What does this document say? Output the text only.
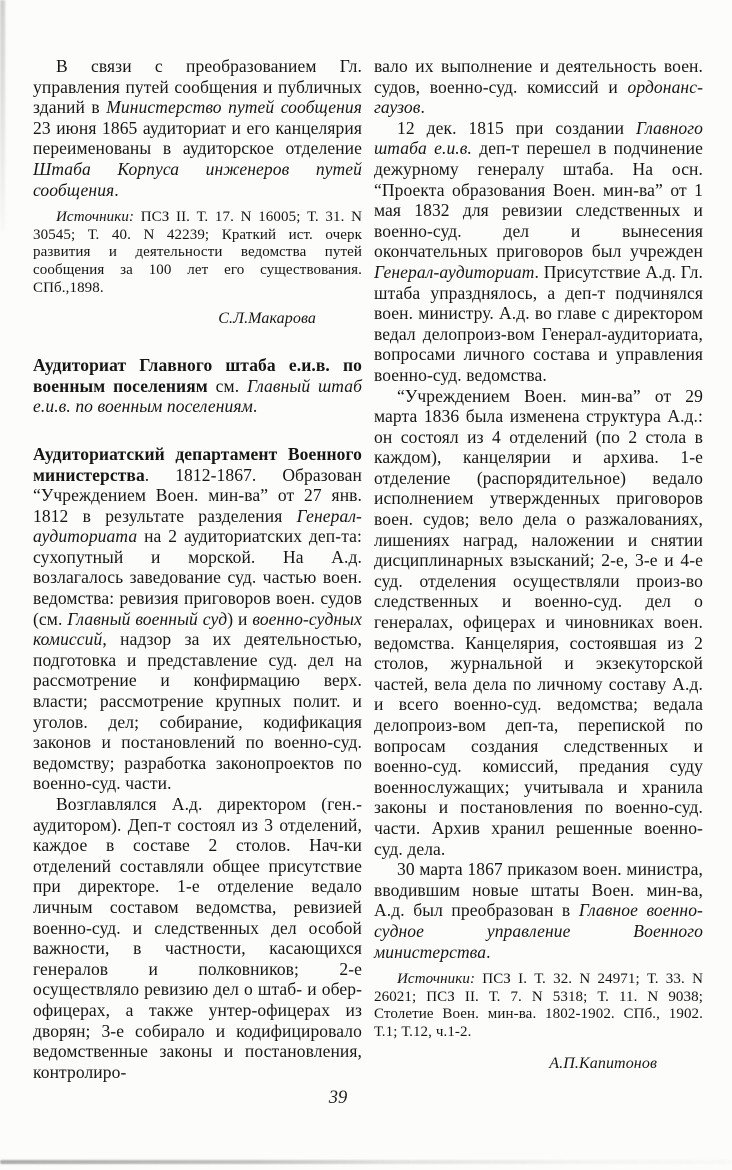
В связи с преобразованием Гл. управления путей сообщения и публичных зданий в Министерство путей сообщения 23 июня 1865 аудиториат и его канцелярия переименованы в аудиторское отделение Штаба Корпуса инженеров путей сообщения.

Источники: ПСЗ II. Т. 17. N 16005; Т. 31. N 30545; Т. 40. N 42239; Краткий ист. очерк развития и деятельности ведомства путей сообщения за 100 лет его существования. СПб.,1898.

С.Л.Макарова

Аудиториат Главного штаба е.и.в. по военным поселениям см. Главный штаб е.и.в. по военным поселениям.

Аудиториатский департамент Военного министерства. 1812-1867. Образован “Учреждением Воен. мин-ва” от 27 янв. 1812 в результате разделения Генерал-аудиториата на 2 аудиториатских деп-та: сухопутный и морской. На А.д. возлагалось заведование суд. частью воен. ведомства: ревизия приговоров воен. судов (см. Главный военный суд) и военно-судных комиссий, надзор за их деятельностью, подготовка и представление суд. дел на рассмотрение и конфирмацию верх. власти; рассмотрение крупных полит. и уголов. дел; собирание, кодификация законов и постановлений по военно-суд. ведомству; разработка законопроектов по военно-суд. части.

Возглавлялся А.д. директором (ген.-аудитором). Деп-т состоял из 3 отделений, каждое в составе 2 столов. Нач-ки отделений составляли общее присутствие при директоре. 1-е отделение ведало личным составом ведомства, ревизией военно-суд. и следственных дел особой важности, в частности, касающихся генералов и полковников; 2-е осуществляло ревизию дел о штаб- и обер-офицерах, а также унтер-офицерах из дворян; 3-е собирало и кодифицировало ведомственные законы и постановления, контролиро-

вало их выполнение и деятельность воен. судов, военно-суд. комиссий и ордонанс-гаузов.

12 дек. 1815 при создании Главного штаба е.и.в. деп-т перешел в подчинение дежурному генералу штаба. На осн. “Проекта образования Воен. мин-ва” от 1 мая 1832 для ревизии следственных и военно-суд. дел и вынесения окончательных приговоров был учрежден Генерал-аудиториат. Присутствие А.д. Гл. штаба упразднялось, а деп-т подчинялся воен. министру. А.д. во главе с директором ведал делопроиз-вом Генерал-аудиториата, вопросами личного состава и управления военно-суд. ведомства.

“Учреждением Воен. мин-ва” от 29 марта 1836 была изменена структура А.д.: он состоял из 4 отделений (по 2 стола в каждом), канцелярии и архива. 1-е отделение (распорядительное) ведало исполнением утвержденных приговоров воен. судов; вело дела о разжалованиях, лишениях наград, наложении и снятии дисциплинарных взысканий; 2-е, 3-е и 4-е суд. отделения осуществляли произ-во следственных и военно-суд. дел о генералах, офицерах и чиновниках воен. ведомства. Канцелярия, состоявшая из 2 столов, журнальной и экзекуторской частей, вела дела по личному составу А.д. и всего военно-суд. ведомства; ведала делопроиз-вом деп-та, перепиской по вопросам создания следственных и военно-суд. комиссий, предания суду военнослужащих; учитывала и хранила законы и постановления по военно-суд. части. Архив хранил решенные военно-суд. дела.

30 марта 1867 приказом воен. министра, вводившим новые штаты Воен. мин-ва, А.д. был преобразован в Главное военно-судное управление Военного министерства.

Источники: ПСЗ I. Т. 32. N 24971; Т. 33. N 26021; ПСЗ II. Т. 7. N 5318; Т. 11. N 9038; Столетие Воен. мин-ва. 1802-1902. СПб., 1902. Т.1; Т.12, ч.1-2.

А.П.Капитонов

39
